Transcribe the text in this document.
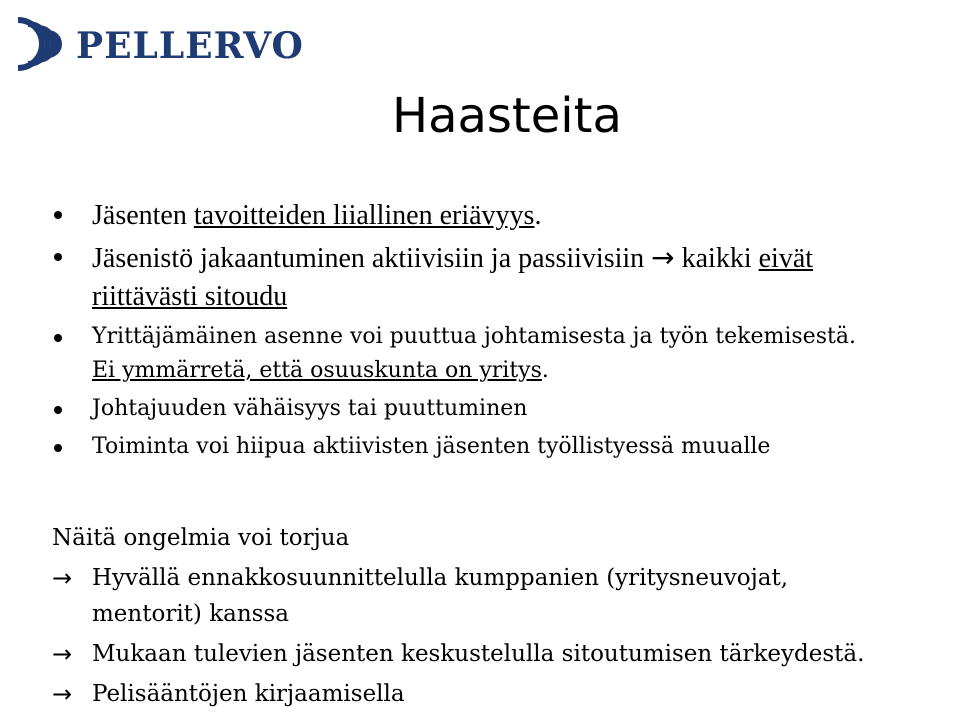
PELLERVO
Haasteita
Jäsenten tavoitteiden liiallinen eriävyys.
Jäsenistö jakaantuminen aktiivisiin ja passiivisiin → kaikki eivät
riittävästi sitoudu
Yrittäjämäinen asenne voi puuttua johtamisesta ja työn tekemisestä.
Ei ymmärretä, että osuuskunta on yritys.
Johtajuuden vähäisyys tai puuttuminen
Toiminta voi hiipua aktiivisten jäsenten työllistyessä muualle
Näitä ongelmia voi torjua
→ Hyvällä ennakkosuunnittelulla kumppanien (yritysneuvojat,
mentorit) kanssa
→ Mukaan tulevien jäsenten keskustelulla sitoutumisen tärkeydestä.
→ Pelisääntöjen kirjaamisella
